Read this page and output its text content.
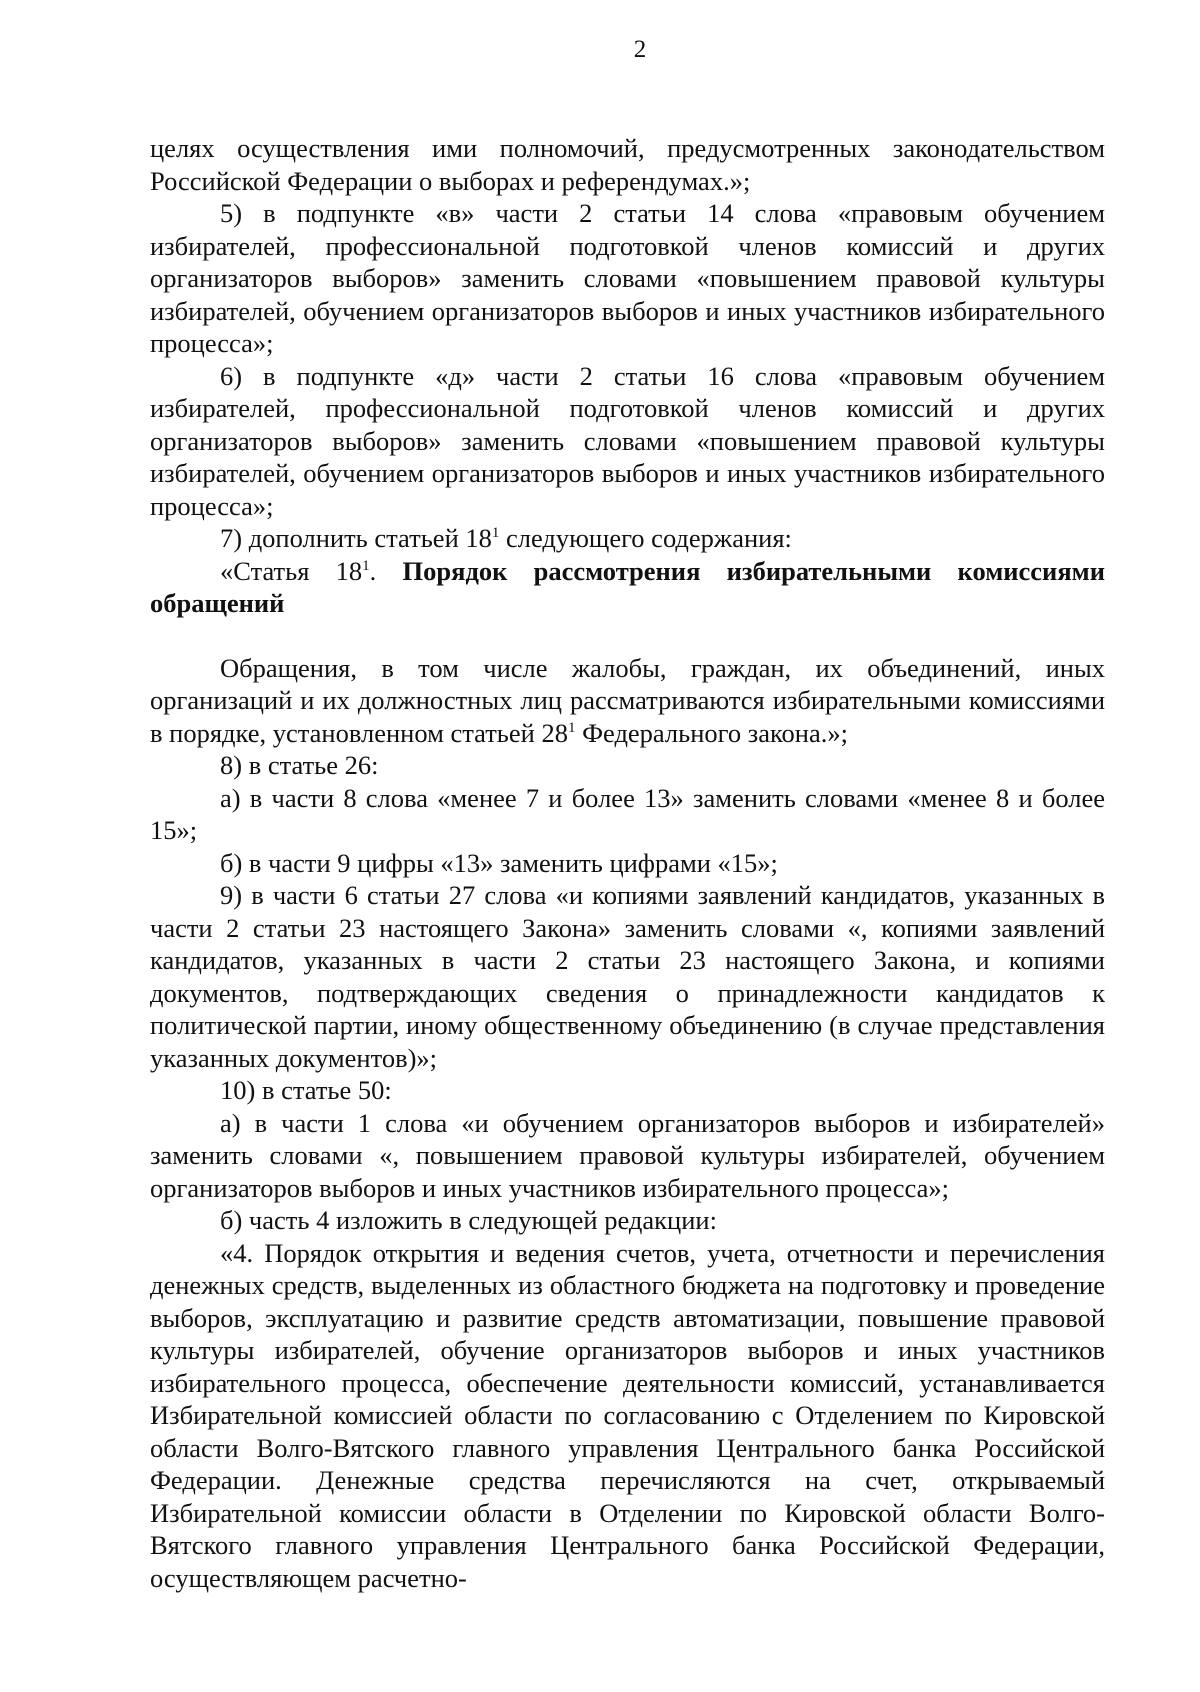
2

целях осуществления ими полномочий, предусмотренных законодательством Российской Федерации о выборах и референдумах.»;

5) в подпункте «в» части 2 статьи 14 слова «правовым обучением избирателей, профессиональной подготовкой членов комиссий и других организаторов выборов» заменить словами «повышением правовой культуры избирателей, обучением организаторов выборов и иных участников избирательного процесса»;

6) в подпункте «д» части 2 статьи 16 слова «правовым обучением избирателей, профессиональной подготовкой членов комиссий и других организаторов выборов» заменить словами «повышением правовой культуры избирателей, обучением организаторов выборов и иных участников избирательного процесса»;

7) дополнить статьей $18^1$ следующего содержания:

«Статья $18^1$. Порядок рассмотрения избирательными комиссиями обращений

Обращения, в том числе жалобы, граждан, их объединений, иных организаций и их должностных лиц рассматриваются избирательными комиссиями в порядке, установленном статьей $28^1$ Федерального закона.»;

8) в статье 26:

а) в части 8 слова «менее 7 и более 13» заменить словами «менее 8 и более 15»;

б) в части 9 цифры «13» заменить цифрами «15»;

9) в части 6 статьи 27 слова «и копиями заявлений кандидатов, указанных в части 2 статьи 23 настоящего Закона» заменить словами «, копиями заявлений кандидатов, указанных в части 2 статьи 23 настоящего Закона, и копиями документов, подтверждающих сведения о принадлежности кандидатов к политической партии, иному общественному объединению (в случае представления указанных документов)»;

10) в статье 50:

а) в части 1 слова «и обучением организаторов выборов и избирателей» заменить словами «, повышением правовой культуры избирателей, обучением организаторов выборов и иных участников избирательного процесса»;

б) часть 4 изложить в следующей редакции:

«4. Порядок открытия и ведения счетов, учета, отчетности и перечисления денежных средств, выделенных из областного бюджета на подготовку и проведение выборов, эксплуатацию и развитие средств автоматизации, повышение правовой культуры избирателей, обучение организаторов выборов и иных участников избирательного процесса, обеспечение деятельности комиссий, устанавливается Избирательной комиссией области по согласованию с Отделением по Кировской области Волго-Вятского главного управления Центрального банка Российской Федерации. Денежные средства перечисляются на счет, открываемый Избирательной комиссии области в Отделении по Кировской области Волго-Вятского главного управления Центрального банка Российской Федерации, осуществляющем расчетно-
